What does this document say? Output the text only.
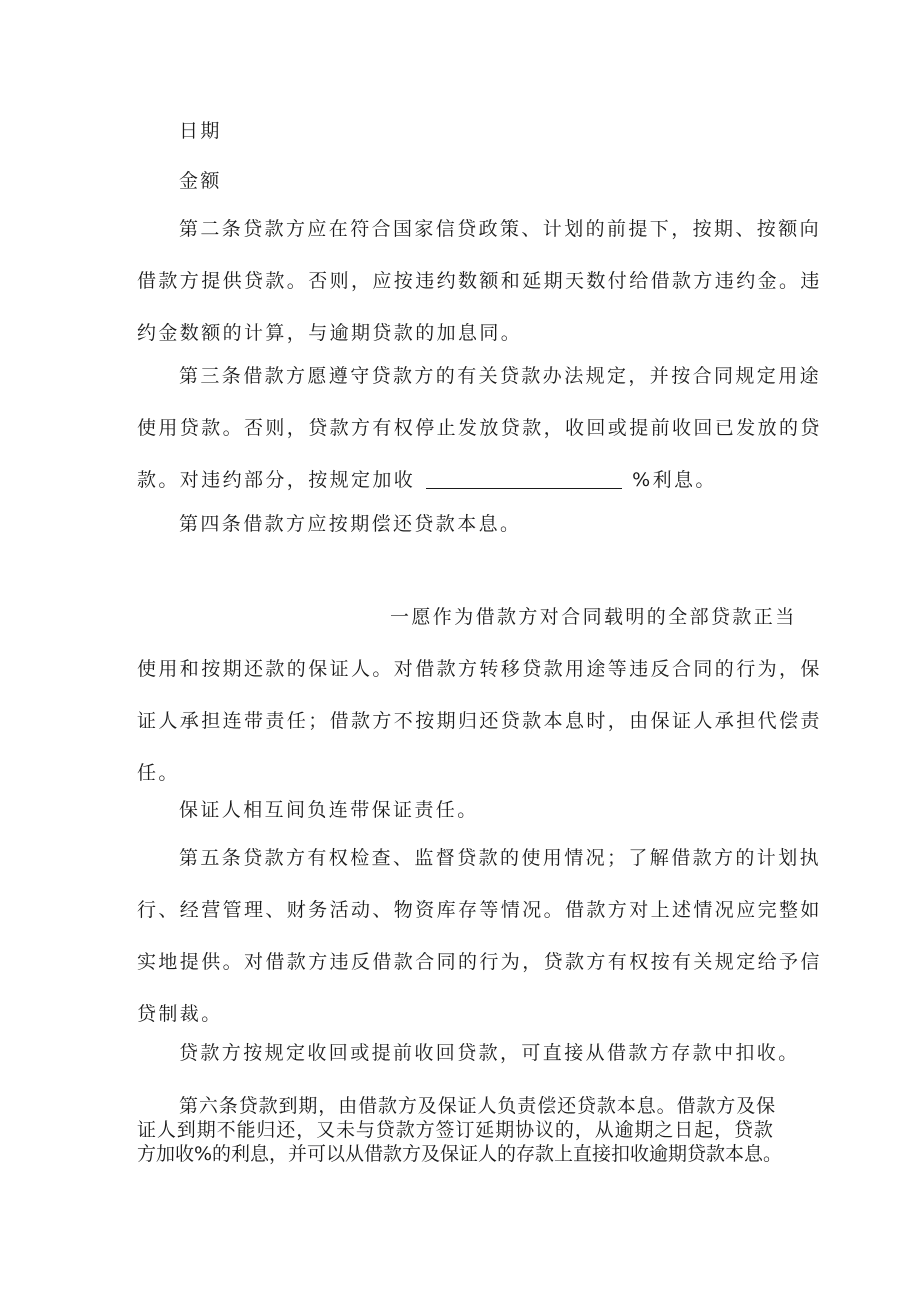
日期

金额

第二条贷款方应在符合国家信贷政策、计划的前提下，按期、按额向
借款方提供贷款。否则，应按违约数额和延期天数付给借款方违约金。违
约金数额的计算，与逾期贷款的加息同。

第三条借款方愿遵守贷款方的有关贷款办法规定，并按合同规定用途
使用贷款。否则，贷款方有权停止发放贷款，收回或提前收回已发放的贷
款。对违约部分，按规定加收	%利息。

第四条借款方应按期偿还贷款本息。

一愿作为借款方对合同载明的全部贷款正当
使用和按期还款的保证人。对借款方转移贷款用途等违反合同的行为，保
证人承担连带责任；借款方不按期归还贷款本息时，由保证人承担代偿责
任。

保证人相互间负连带保证责任。

第五条贷款方有权检查、监督贷款的使用情况；了解借款方的计划执
行、经营管理、财务活动、物资库存等情况。借款方对上述情况应完整如
实地提供。对借款方违反借款合同的行为，贷款方有权按有关规定给予信
贷制裁。

贷款方按规定收回或提前收回贷款，可直接从借款方存款中扣收。

第六条贷款到期，由借款方及保证人负责偿还贷款本息。借款方及保
证人到期不能归还，又未与贷款方签订延期协议的，从逾期之日起，贷款
方加收%的利息，并可以从借款方及保证人的存款上直接扣收逾期贷款本息。
